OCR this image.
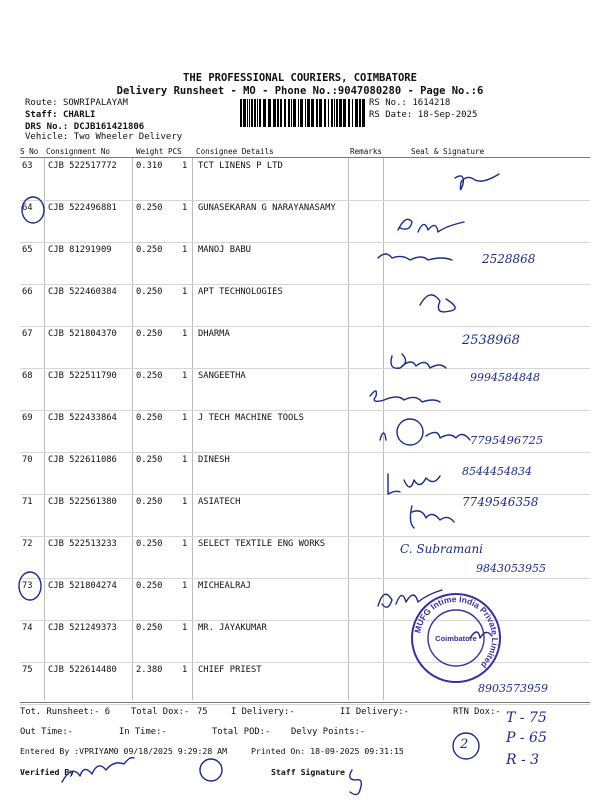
THE PROFESSIONAL COURIERS, COIMBATORE
Delivery Runsheet - MO - Phone No.:9047080280 - Page No.:6
Route: SOWRIPALAYAM
Staff: CHARLI
DRS No.: DCJB161421806
Vehicle: Two Wheeler Delivery
RS No.: 1614218
RS Date: 18-Sep-2025
S No Consignment No	Weight PCS Consignee Details	Remarks	Seal & Signature
63 CJB 522517772 0.310 1 TCT LINENS P LTD
64 CJB 522496881 0.250 1 GUNASEKARAN G NARAYANASAMY
65 CJB 81291909	0.250 1 MANOJ BABU
66 CJB 522460384 0.250 1 APT TECHNOLOGIES
67 CJB 521804370 0.250 1 DHARMA
68 CJB 522511790 0.250 1 SANGEETHA
69 CJB 522433864 0.250 1 J TECH MACHINE TOOLS
70 CJB 522611086 0.250 1 DINESH
71 CJB 522561380 0.250 1 ASIATECH
72 CJB 522513233 0.250 1 SELECT TEXTILE ENG WORKS
73 CJB 521804274 0.250 1 MICHEALRAJ
74 CJB 521249373 0.250 1 MR. JAYAKUMAR
75 CJB 522614480 2.380 1 CHIEF PRIEST
Tot. Runsheet:- 6 Total Dox:- 75	I Delivery:-	II Delivery:-	RTN Dox:-
Out Time:-	In Time:-	Total POD:- Delvy Points:-
Entered By :VPRIYAM0 09/18/2025 9:29:28 AM	Printed On: 18-09-2025 09:31:15
Verified By	Staff Signature
2528868
2538968
9994584848
7795496725
8544454834
7749546358
C. Subramani
9843053955
8903573959
T - 75
P - 65
R - 3
2
MUFG Intime India Private Limited
Coimbatore
